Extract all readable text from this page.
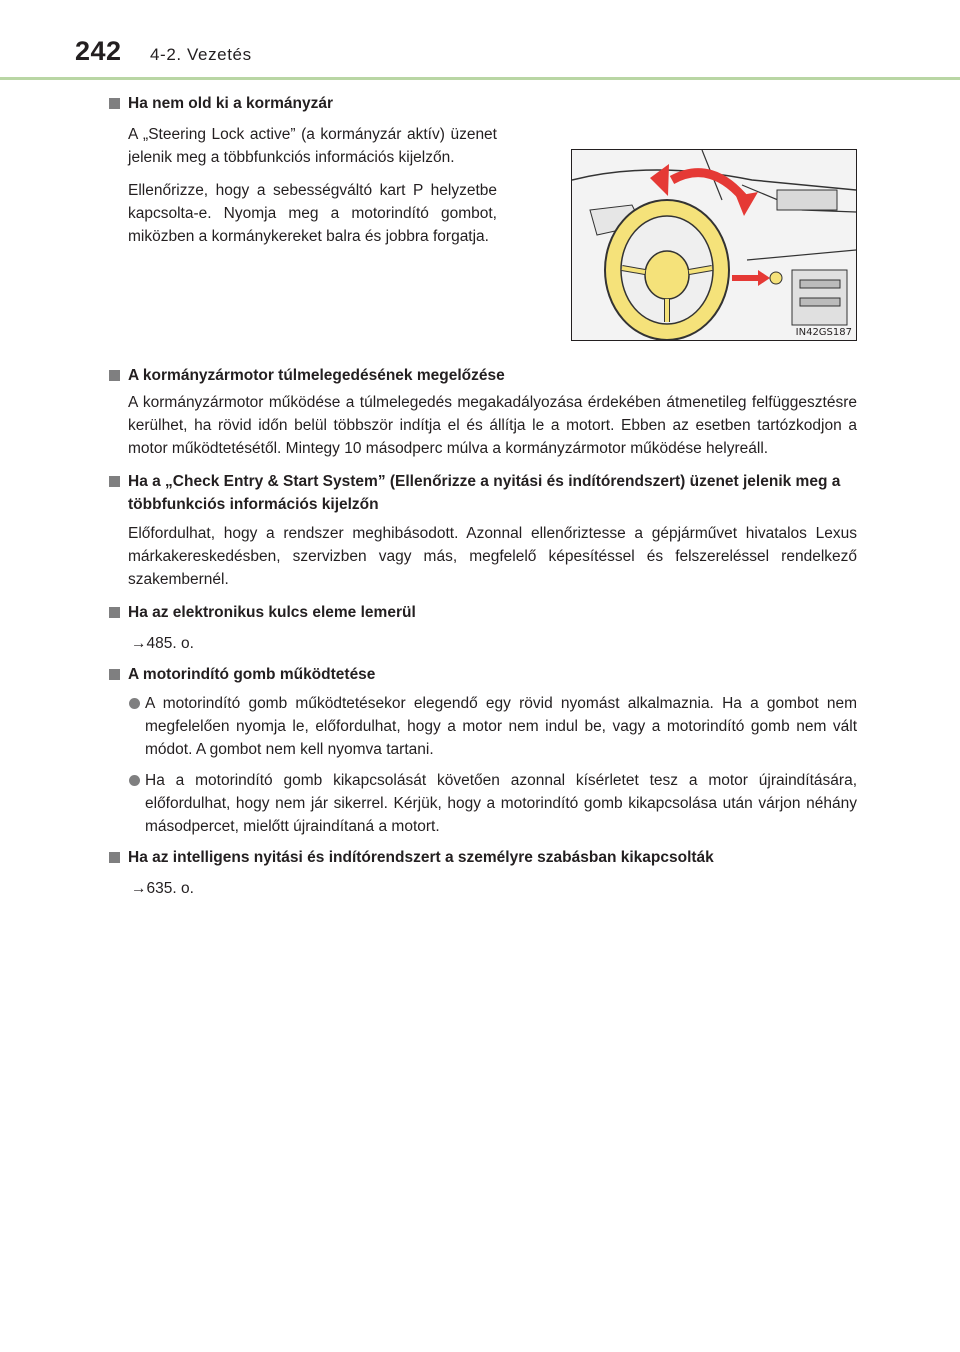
242 4-2. Vezetés
Ha nem old ki a kormányzár
A „Steering Lock active” (a kormányzár aktív) üzenet jelenik meg a többfunkciós információs kijelzőn.
Ellenőrizze, hogy a sebességváltó kart P helyzetbe kapcsolta-e. Nyomja meg a motorindító gombot, miközben a kormánykereket balra és jobbra forgatja.
IN42GS187
A kormányzármotor túlmelegedésének megelőzése
A kormányzármotor működése a túlmelegedés megakadályozása érdekében átmenetileg felfüggesztésre kerülhet, ha rövid időn belül többször indítja el és állítja le a motort. Ebben az esetben tartózkodjon a motor működtetésétől. Mintegy 10 másodperc múlva a kormányzármotor működése helyreáll.
Ha a „Check Entry & Start System” (Ellenőrizze a nyitási és indítórendszert) üzenet jelenik meg a többfunkciós információs kijelzőn
Előfordulhat, hogy a rendszer meghibásodott. Azonnal ellenőriztesse a gépjárművet hivatalos Lexus márkakereskedésben, szervizben vagy más, megfelelő képesítéssel és felszereléssel rendelkező szakembernél.
Ha az elektronikus kulcs eleme lemerül
→485. o.
A motorindító gomb működtetése
A motorindító gomb működtetésekor elegendő egy rövid nyomást alkalmaznia. Ha a gombot nem megfelelően nyomja le, előfordulhat, hogy a motor nem indul be, vagy a motorindító gomb nem vált módot. A gombot nem kell nyomva tartani.
Ha a motorindító gomb kikapcsolását követően azonnal kísérletet tesz a motor újraindítására, előfordulhat, hogy nem jár sikerrel. Kérjük, hogy a motorindító gomb kikapcsolása után várjon néhány másodpercet, mielőtt újraindítaná a motort.
Ha az intelligens nyitási és indítórendszert a személyre szabásban kikapcsolták
→635. o.
